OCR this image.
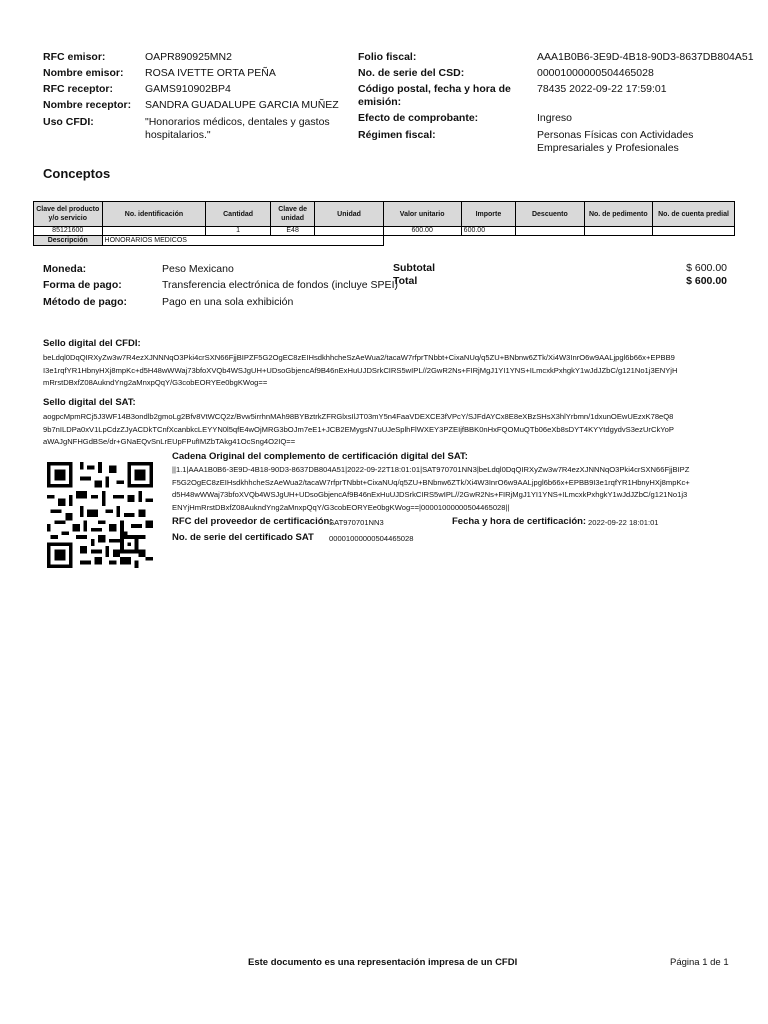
RFC emisor:	OAPR890925MN2
Nombre emisor: ROSA IVETTE ORTA PEÑA
RFC receptor:	GAMS910902BP4
Nombre receptor: SANDRA GUADALUPE GARCIA MUÑEZ
Uso CFDI:	"Honorarios médicos, dentales y gastos hospitalarios."
Folio fiscal:	AAA1B0B6-3E9D-4B18-90D3-8637DB804A51
No. de serie del CSD:	00001000000504465028
Código postal, fecha y hora de emisión:
78435 2022-09-22 17:59:01
Efecto de comprobante:	Ingreso
Régimen fiscal:	Personas Físicas con Actividades Empresariales y Profesionales
Conceptos
Clave del producto y/o servicio	No. identificación	Cantidad	Clave de unidad	Unidad	Valor unitario	Importe	Descuento	No. de pedimento	No. de cuenta predial
85121600		1	E48		600.00	600.00			
Descripción	HONORARIOS MEDICOS								
Moneda:	Peso Mexicano
Forma de pago:	Transferencia electrónica de fondos (incluye SPEI)
Método de pago:	Pago en una sola exhibición
Subtotal	$ 600.00
Total	$ 600.00
Sello digital del CFDI:
beLdql0DqQIRXyZw3w7R4ezXJNNNqO3Pki4crSXN66FjjBIPZF5G2OgEC8zEIHsdkhhcheSzAeWua2/tacaW7rfprTNbbt+CixaNUq/q5ZU+BNbnw6ZTk/Xi4W3InrO6w9AALjpgl6b66x+EPBB9
I3e1rqfYR1HbnyHXj8mpKc+d5H48wWWaj73bfoXVQb4WSJgUH+UDsoGbjencAf9B46nExHuUJDSrkCIRS5wIPL//2GwR2Ns+FIRjMgJ1YI1YNS+ILmcxkPxhgkY1wJdJZbC/g121No1j3ENYjH
mRrstDBxfZ08AukndYng2aMnxpQqY/G3cobEORYEe0bgKWog==
Sello digital del SAT:
aogpcMpmRCj5J3WF14B3ondlb2gmoLg2Bfv8VtWCQ2z/Bvw5irrhnMAh98BYBztrkZFRGlxsIlJT03mY5n4FaaVDEXCE3fVPcY/SJFdAYCx8E8eXBzSHsX3hlYrbmn/1dxunOEwUEzxK78eQ8
9b7nILDPa0xV1LpCdzZJyACDkTCnfXcanbkcLEYYN0l5qfE4wOjMRG3bOJm7eE1+JCB2EMygsN7uUJeSplhFlWXEY3PZEIjfBBK0nHxFQOMuQTb06eXb8sDYT4KYYtdgydvS3ezUrCkYoP
aWAJgNFHGdBSe/dr+GNaEQvSnLrEUpFPufIMZbTAkg41OcSng4O2IQ==
Cadena Original del complemento de certificación digital del SAT:
||1.1|AAA1B0B6-3E9D-4B18-90D3-8637DB804A51|2022-09-22T18:01:01|SAT970701NN3|beLdql0DqQIRXyZw3w7R4ezXJNNNqO3Pki4crSXN66FjjBIPZ
F5G2OgEC8zEIHsdkhhcheSzAeWua2/tacaW7rfprTNbbt+CixaNUq/q5ZU+BNbnw6ZTk/Xi4W3InrO6w9AALjpgl6b66x+EPBB9I3e1rqfYR1HbnyHXj8mpKc+
d5H48wWWaj73bfoXVQb4WSJgUH+UDsoGbjencAf9B46nExHuUJDSrkCIRS5wIPL//2GwR2Ns+FIRjMgJ1YI1YNS+ILmcxkPxhgkY1wJdJZbC/g121No1j3
ENYjHmRrstDBxfZ08AukndYng2aMnxpQqY/G3cobEORYEe0bgKWog==|00001000000504465028||
RFC del proveedor de certificación:
SAT970701NN3	Fecha y hora de certificación: 2022-09-22 18:01:01
No. de serie del certificado SAT 00001000000504465028
Este documento es una representación impresa de un CFDI	Página 1 de 1
